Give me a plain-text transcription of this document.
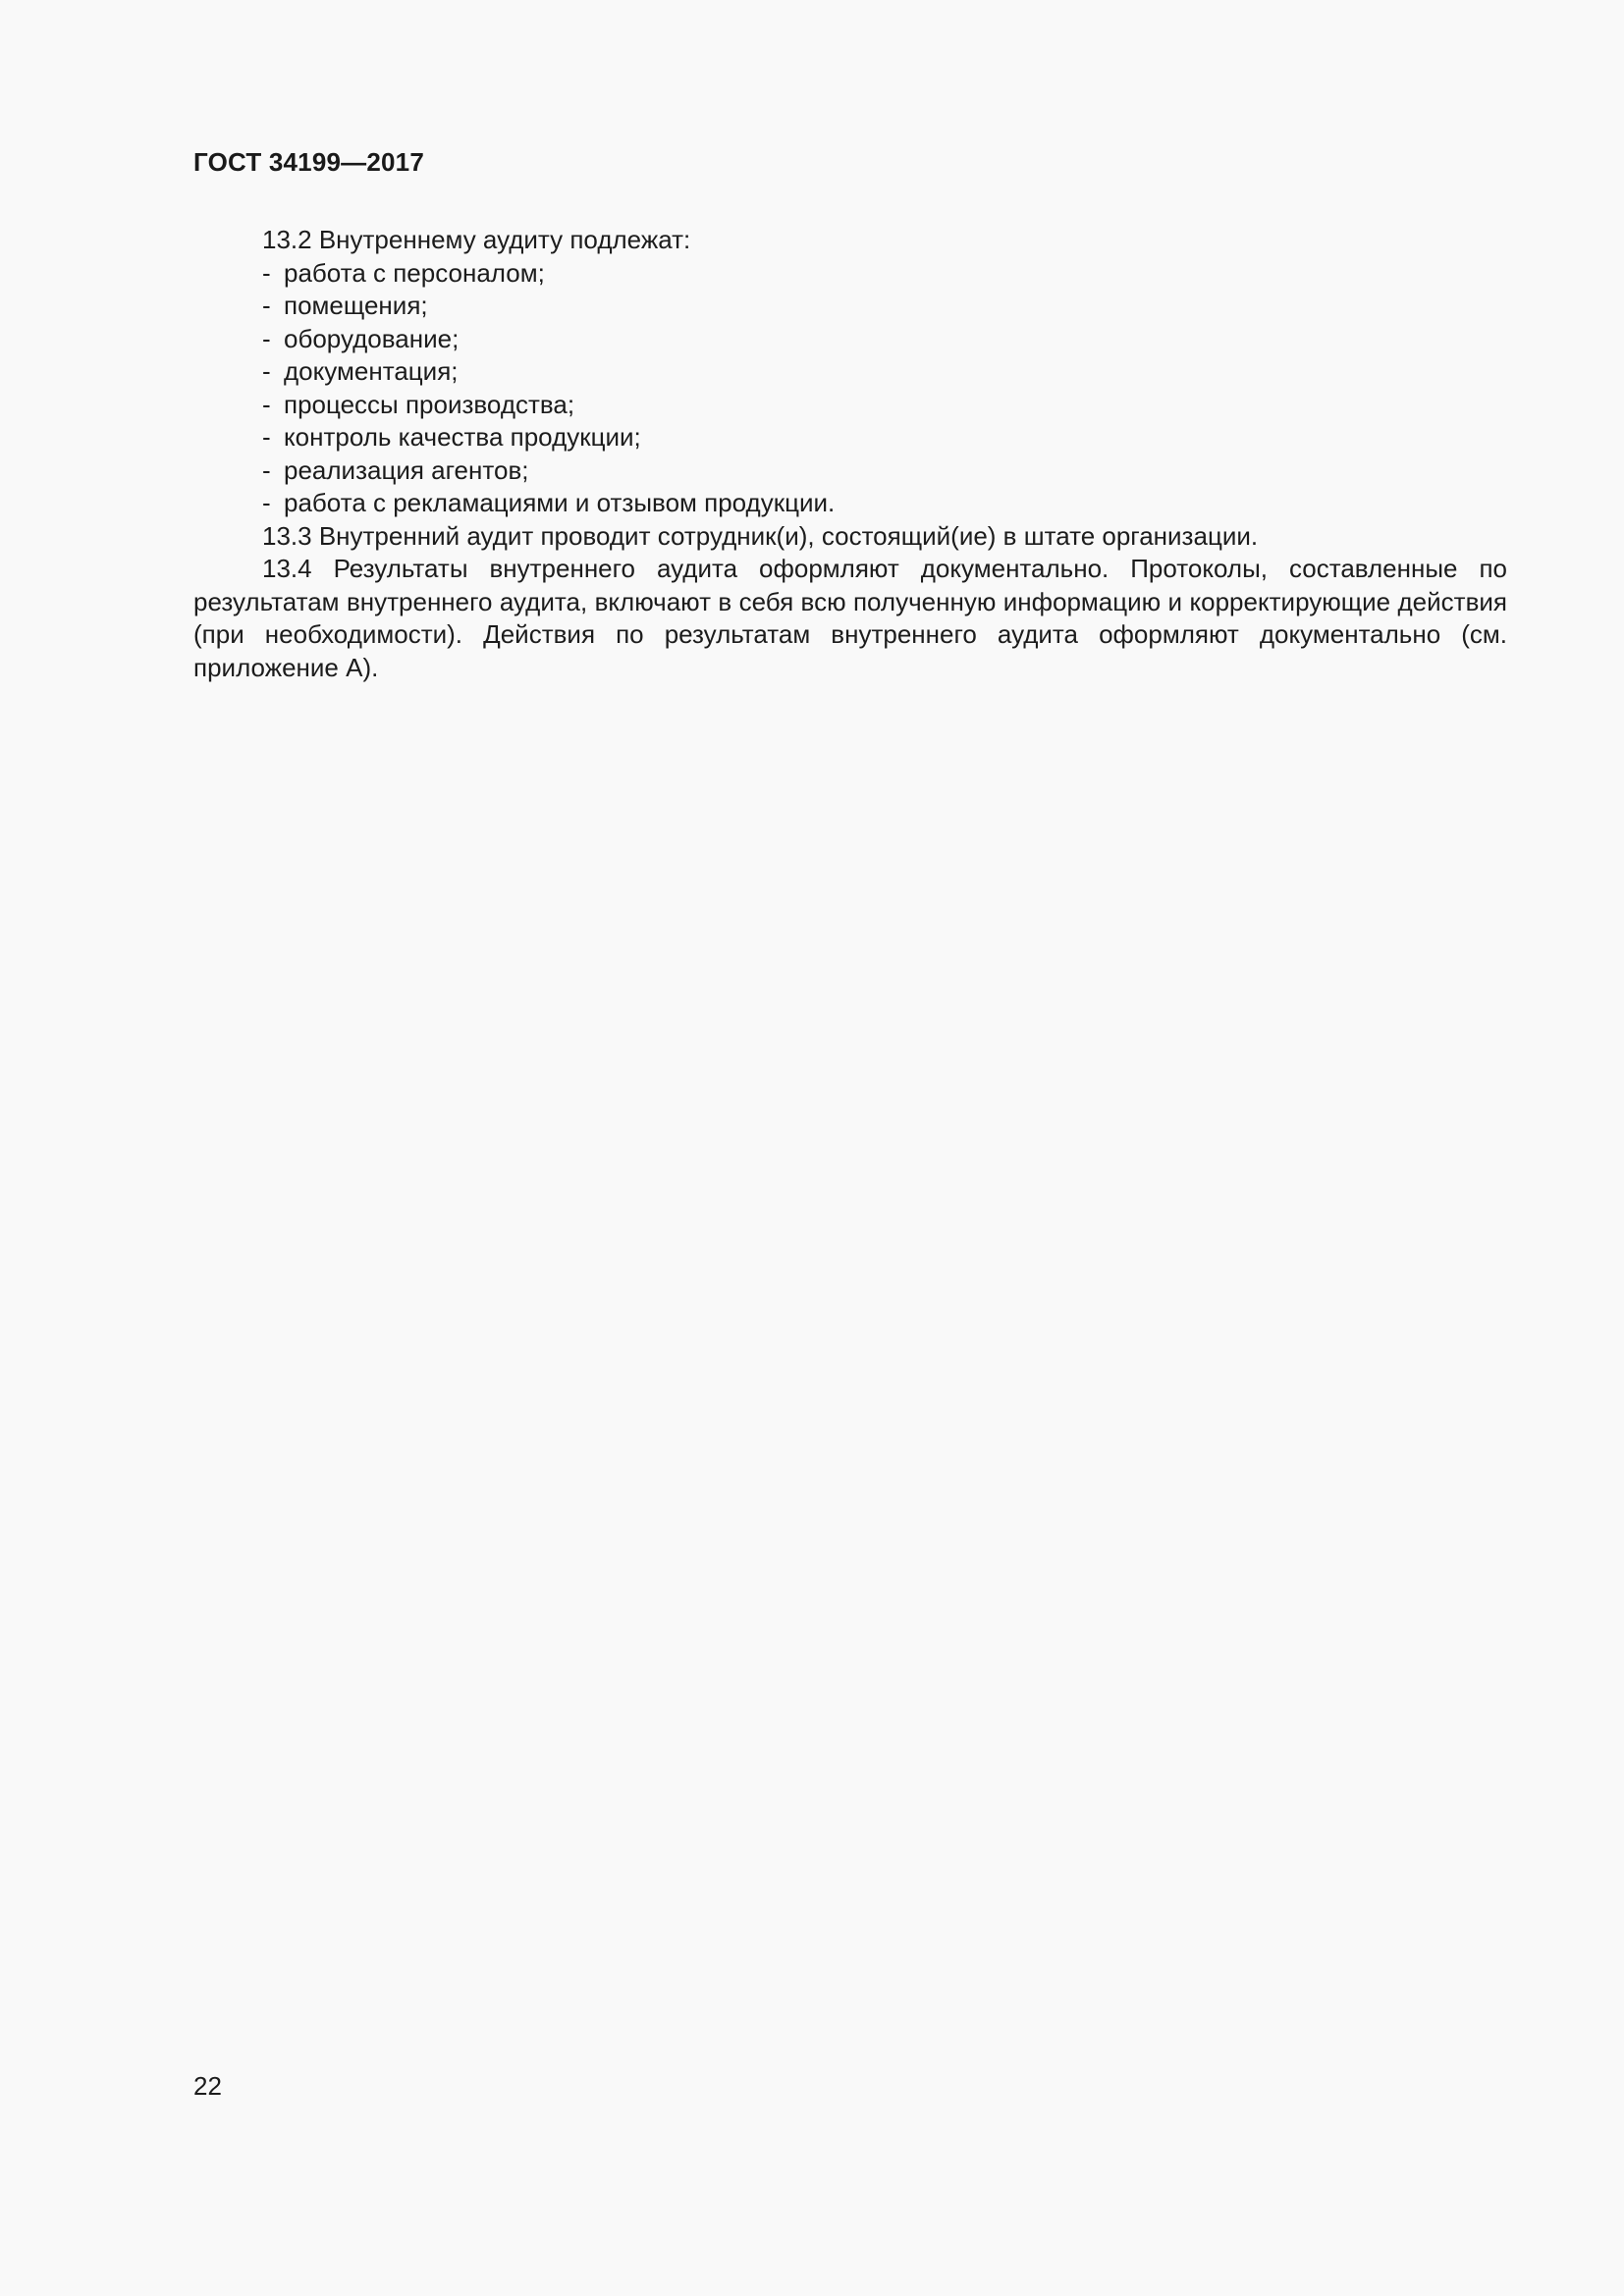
ГОСТ 34199—2017

13.2 Внутреннему аудиту подлежат:

- работа с персоналом;
- помещения;
- оборудование;
- документация;
- процессы производства;
- контроль качества продукции;
- реализация агентов;
- работа с рекламациями и отзывом продукции.

13.3 Внутренний аудит проводит сотрудник(и), состоящий(ие) в штате организации.

13.4 Результаты внутреннего аудита оформляют документально. Протоколы, составленные по результатам внутреннего аудита, включают в себя всю полученную информацию и корректирующие действия (при необходимости). Действия по результатам внутреннего аудита оформляют документально (см. приложение А).

22
